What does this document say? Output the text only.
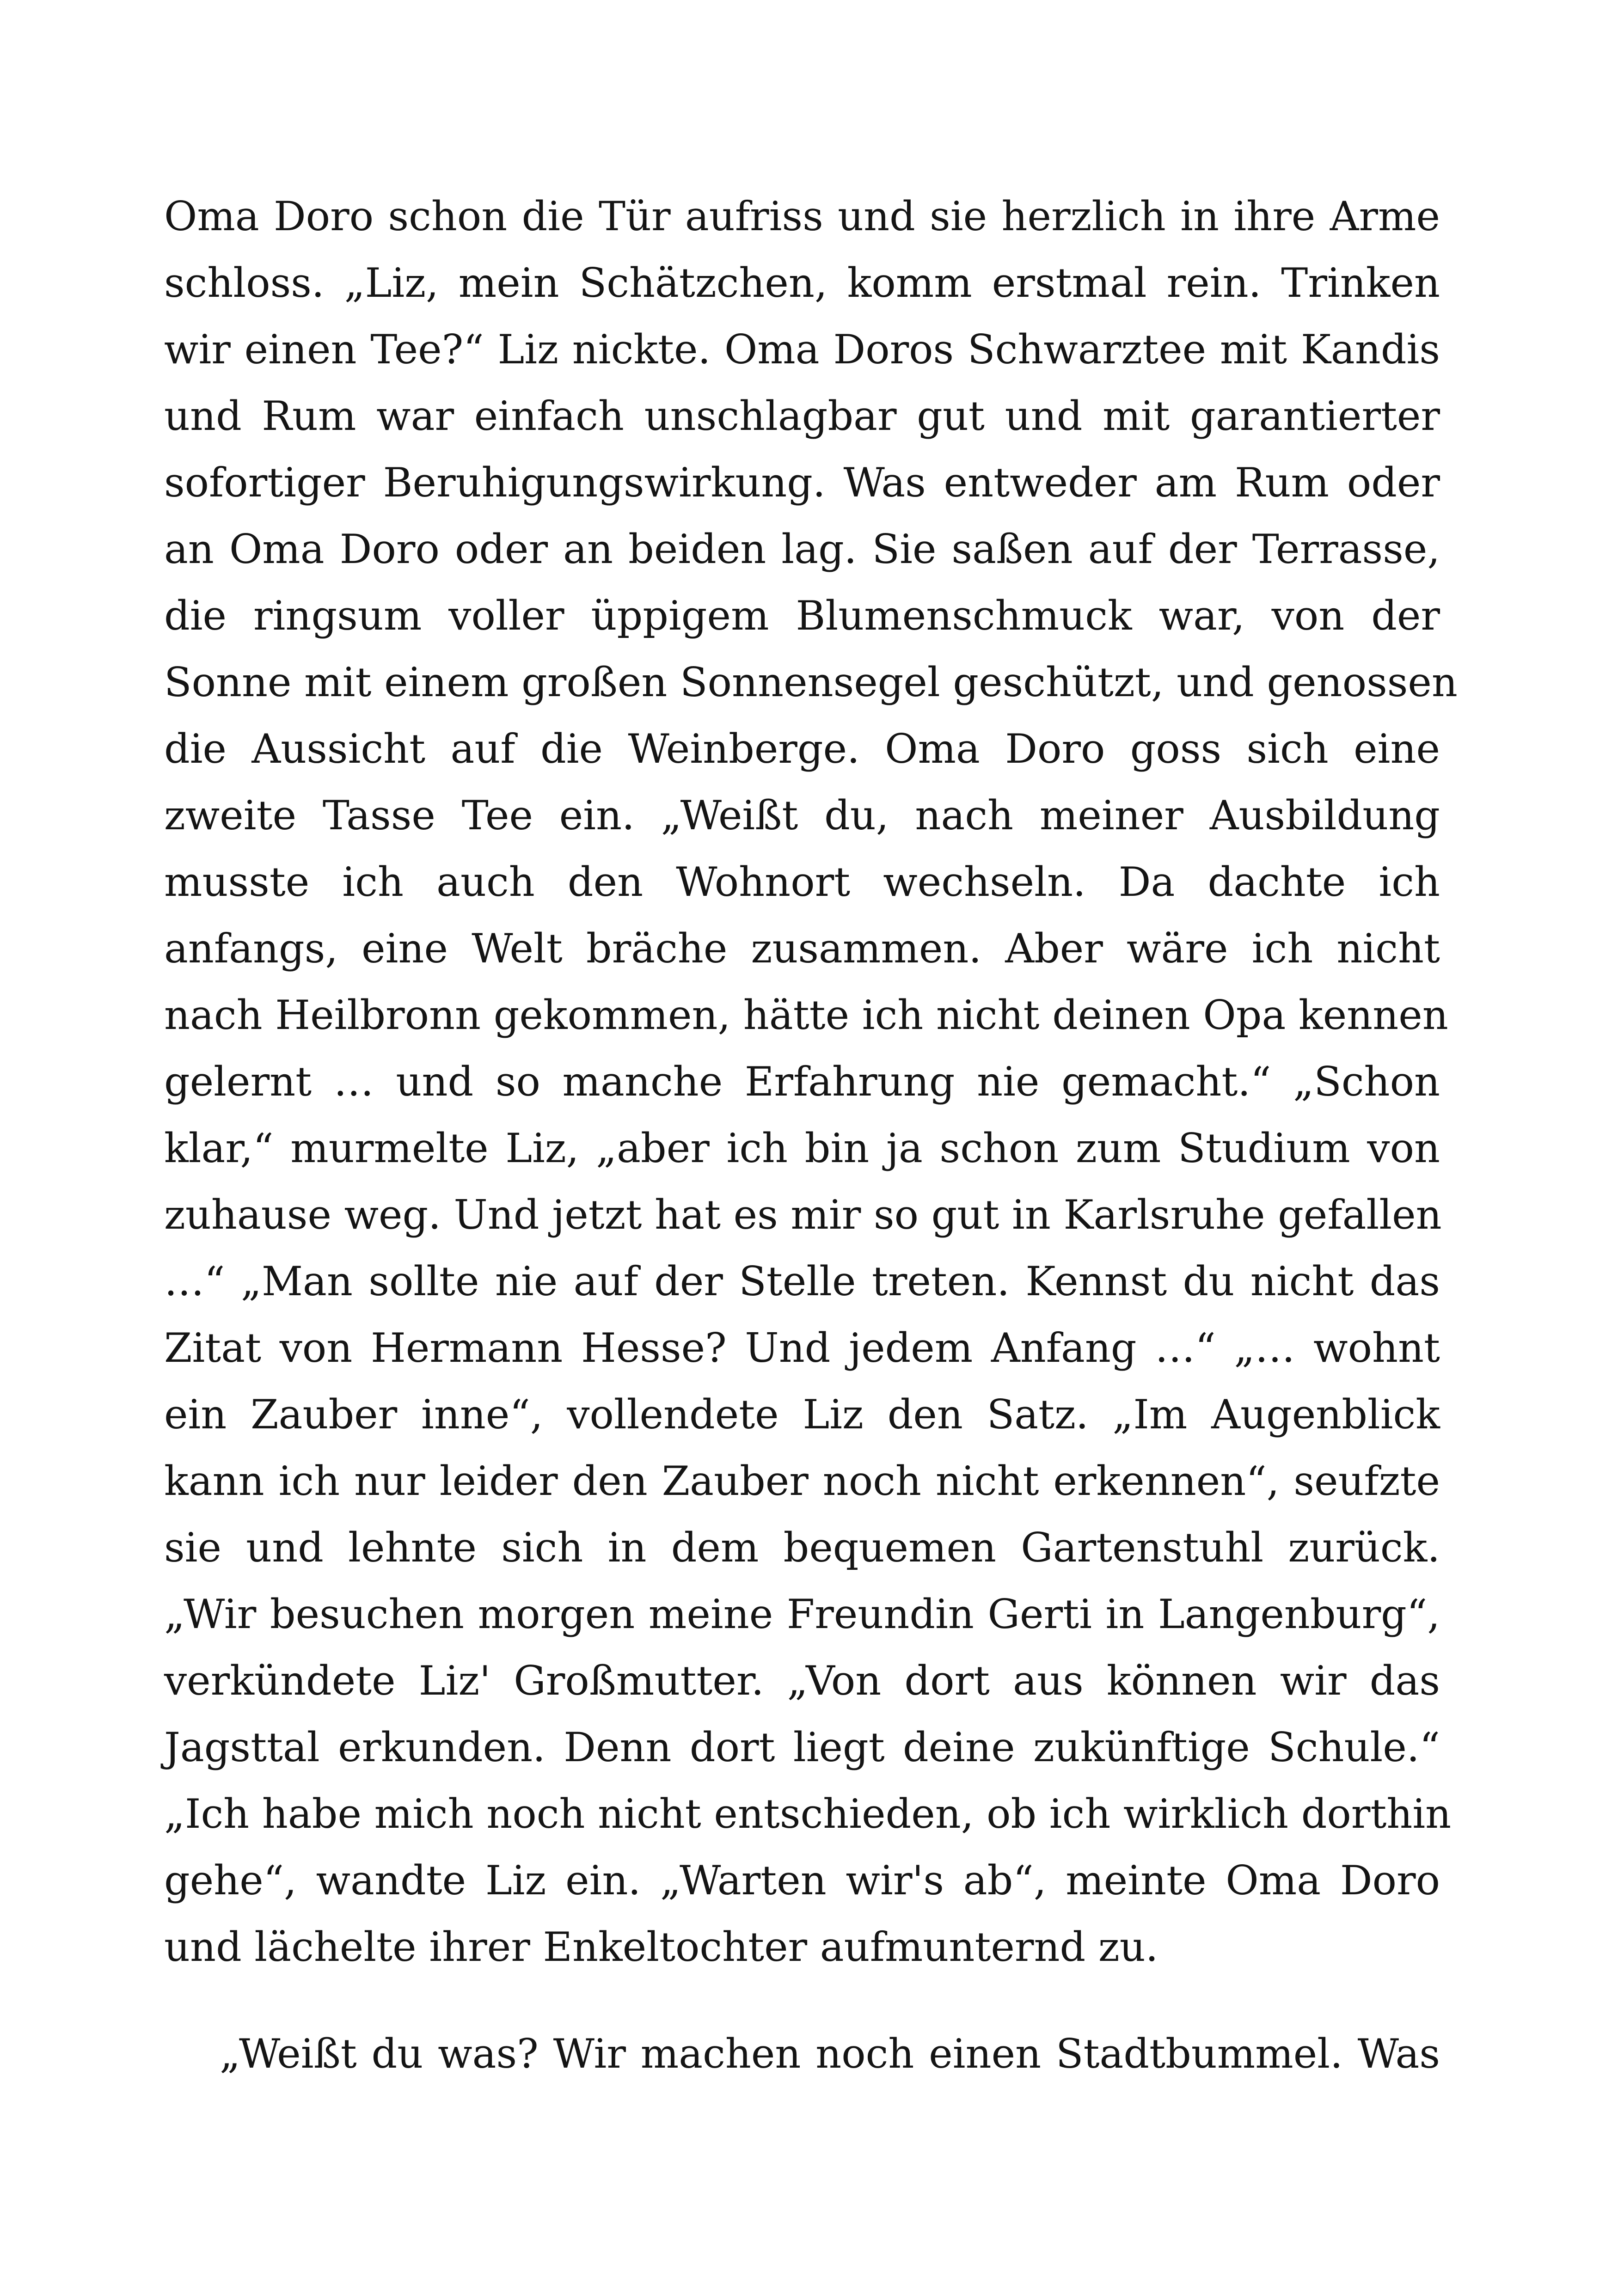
Oma Doro schon die Tür aufriss und sie herzlich in ihre Arme
schloss. „Liz, mein Schätzchen, komm erstmal rein. Trinken
wir einen Tee?“ Liz nickte. Oma Doros Schwarztee mit Kandis
und Rum war einfach unschlagbar gut und mit garantierter
sofortiger Beruhigungswirkung. Was entweder am Rum oder
an Oma Doro oder an beiden lag. Sie saßen auf der Terrasse,
die ringsum voller üppigem Blumenschmuck war, von der
Sonne mit einem großen Sonnensegel geschützt, und genossen
die Aussicht auf die Weinberge. Oma Doro goss sich eine
zweite Tasse Tee ein. „Weißt du, nach meiner Ausbildung
musste ich auch den Wohnort wechseln. Da dachte ich
anfangs, eine Welt bräche zusammen. Aber wäre ich nicht
nach Heilbronn gekommen, hätte ich nicht deinen Opa kennen
gelernt … und so manche Erfahrung nie gemacht.“ „Schon
klar,“ murmelte Liz, „aber ich bin ja schon zum Studium von
zuhause weg. Und jetzt hat es mir so gut in Karlsruhe gefallen
…“ „Man sollte nie auf der Stelle treten. Kennst du nicht das
Zitat von Hermann Hesse? Und jedem Anfang …“ „… wohnt
ein Zauber inne“, vollendete Liz den Satz. „Im Augenblick
kann ich nur leider den Zauber noch nicht erkennen“, seufzte
sie und lehnte sich in dem bequemen Gartenstuhl zurück.
„Wir besuchen morgen meine Freundin Gerti in Langenburg“,
verkündete Liz' Großmutter. „Von dort aus können wir das
Jagsttal erkunden. Denn dort liegt deine zukünftige Schule.“
„Ich habe mich noch nicht entschieden, ob ich wirklich dorthin
gehe“, wandte Liz ein. „Warten wir's ab“, meinte Oma Doro
und lächelte ihrer Enkeltochter aufmunternd zu.
„Weißt du was? Wir machen noch einen Stadtbummel. Was
